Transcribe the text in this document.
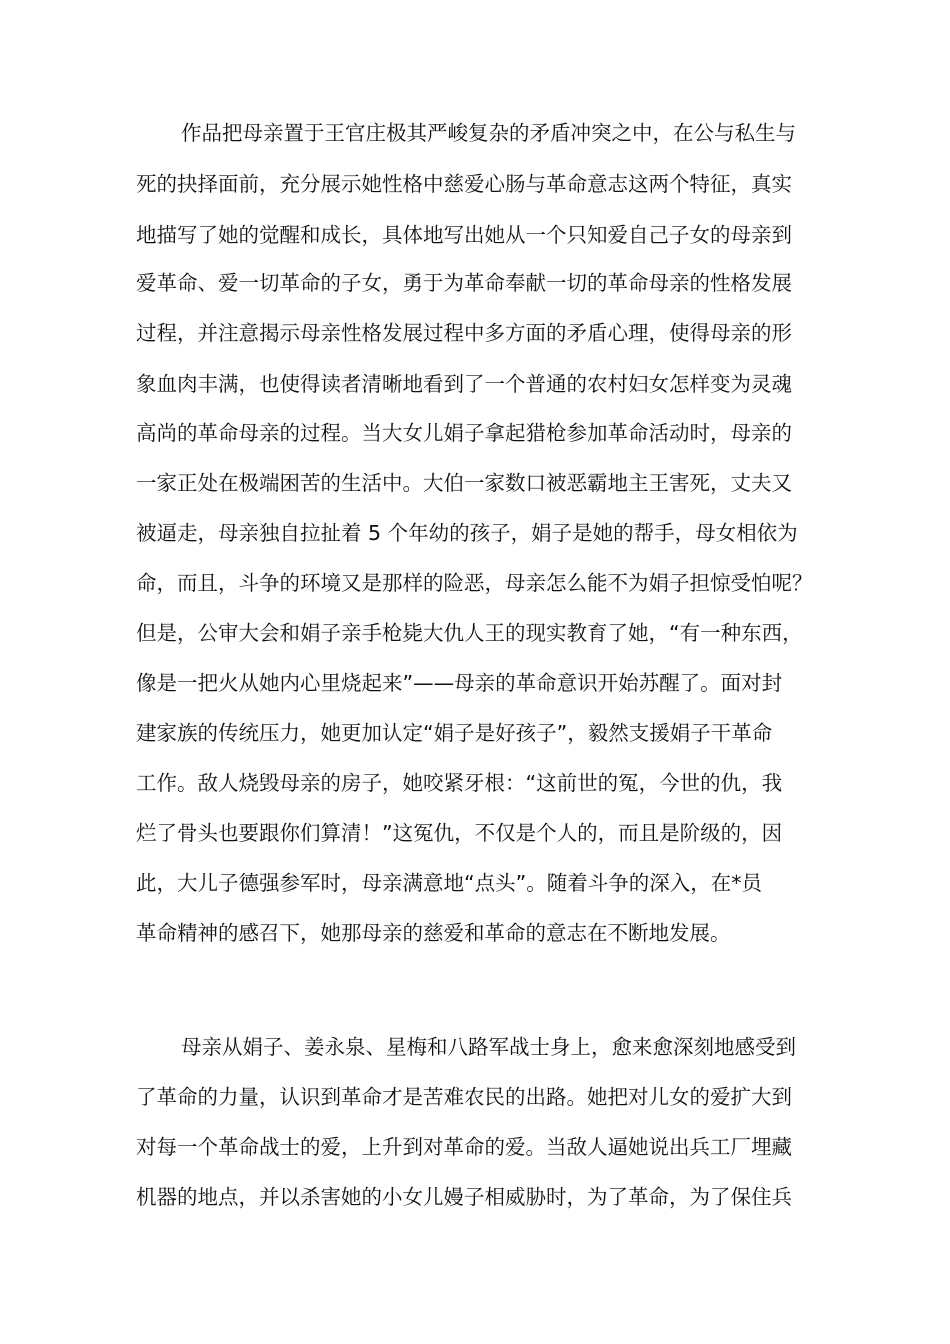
作品把母亲置于王官庄极其严峻复杂的矛盾冲突之中，在公与私生与
死的抉择面前，充分展示她性格中慈爱心肠与革命意志这两个特征，真实
地描写了她的觉醒和成长，具体地写出她从一个只知爱自己子女的母亲到
爱革命、爱一切革命的子女，勇于为革命奉献一切的革命母亲的性格发展
过程，并注意揭示母亲性格发展过程中多方面的矛盾心理，使得母亲的形
象血肉丰满，也使得读者清晰地看到了一个普通的农村妇女怎样变为灵魂
高尚的革命母亲的过程。当大女儿娟子拿起猎枪参加革命活动时，母亲的
一家正处在极端困苦的生活中。大伯一家数口被恶霸地主王害死，丈夫又
被逼走，母亲独自拉扯着 5 个年幼的孩子，娟子是她的帮手，母女相依为
命，而且，斗争的环境又是那样的险恶，母亲怎么能不为娟子担惊受怕呢？
但是，公审大会和娟子亲手枪毙大仇人王的现实教育了她，“有一种东西，
像是一把火从她内心里烧起来”——母亲的革命意识开始苏醒了。面对封
建家族的传统压力，她更加认定“娟子是好孩子”，毅然支援娟子干革命
工作。敌人烧毁母亲的房子，她咬紧牙根：“这前世的冤，今世的仇，我
烂了骨头也要跟你们算清！”这冤仇，不仅是个人的，而且是阶级的，因
此，大儿子德强参军时，母亲满意地“点头”。随着斗争的深入，在*员
革命精神的感召下，她那母亲的慈爱和革命的意志在不断地发展。
母亲从娟子、姜永泉、星梅和八路军战士身上，愈来愈深刻地感受到
了革命的力量，认识到革命才是苦难农民的出路。她把对儿女的爱扩大到
对每一个革命战士的爱，上升到对革命的爱。当敌人逼她说出兵工厂埋藏
机器的地点，并以杀害她的小女儿嫚子相威胁时，为了革命，为了保住兵
